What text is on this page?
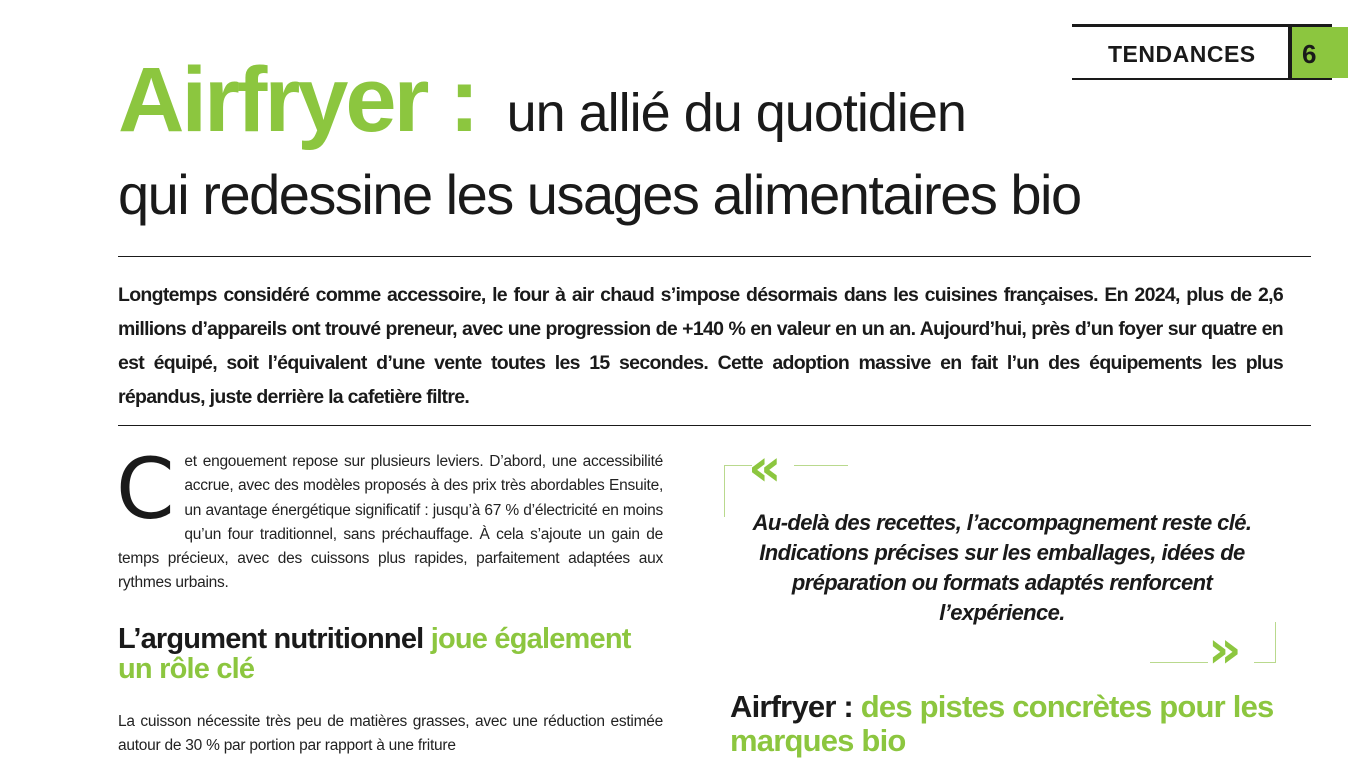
TENDANCES	6
Airfryer : un allié du quotidien
qui redessine les usages alimentaires bio

Longtemps considéré comme accessoire, le four à air chaud s’impose désormais dans les cuisines françaises. En 2024, plus de 2,6 millions d’appareils ont trouvé preneur, avec une progression de +140 % en valeur en un an. Aujourd’hui, près d’un foyer sur quatre en est équipé, soit l’équivalent d’une vente toutes les 15 secondes. Cette adoption massive en fait l’un des équipements les plus répandus, juste derrière la cafetière filtre.

Cet engouement repose sur plusieurs leviers. D’abord, une accessibilité accrue, avec des modèles proposés à des prix très abordables Ensuite, un avantage énergétique significatif : jusqu’à 67 % d’électricité en moins qu’un four traditionnel, sans préchauffage. À cela s’ajoute un gain de temps précieux, avec des cuissons plus rapides, parfaitement adaptées aux rythmes urbains.

L’argument nutritionnel joue également un rôle clé

La cuisson nécessite très peu de matières grasses, avec une réduction estimée autour de 30 % par portion par rapport à une friture

«

Au-delà des recettes, l’accompagnement reste clé. Indications précises sur les emballages, idées de préparation ou formats adaptés renforcent l’expérience.

»
Airfryer : des pistes concrètes pour les marques bio
